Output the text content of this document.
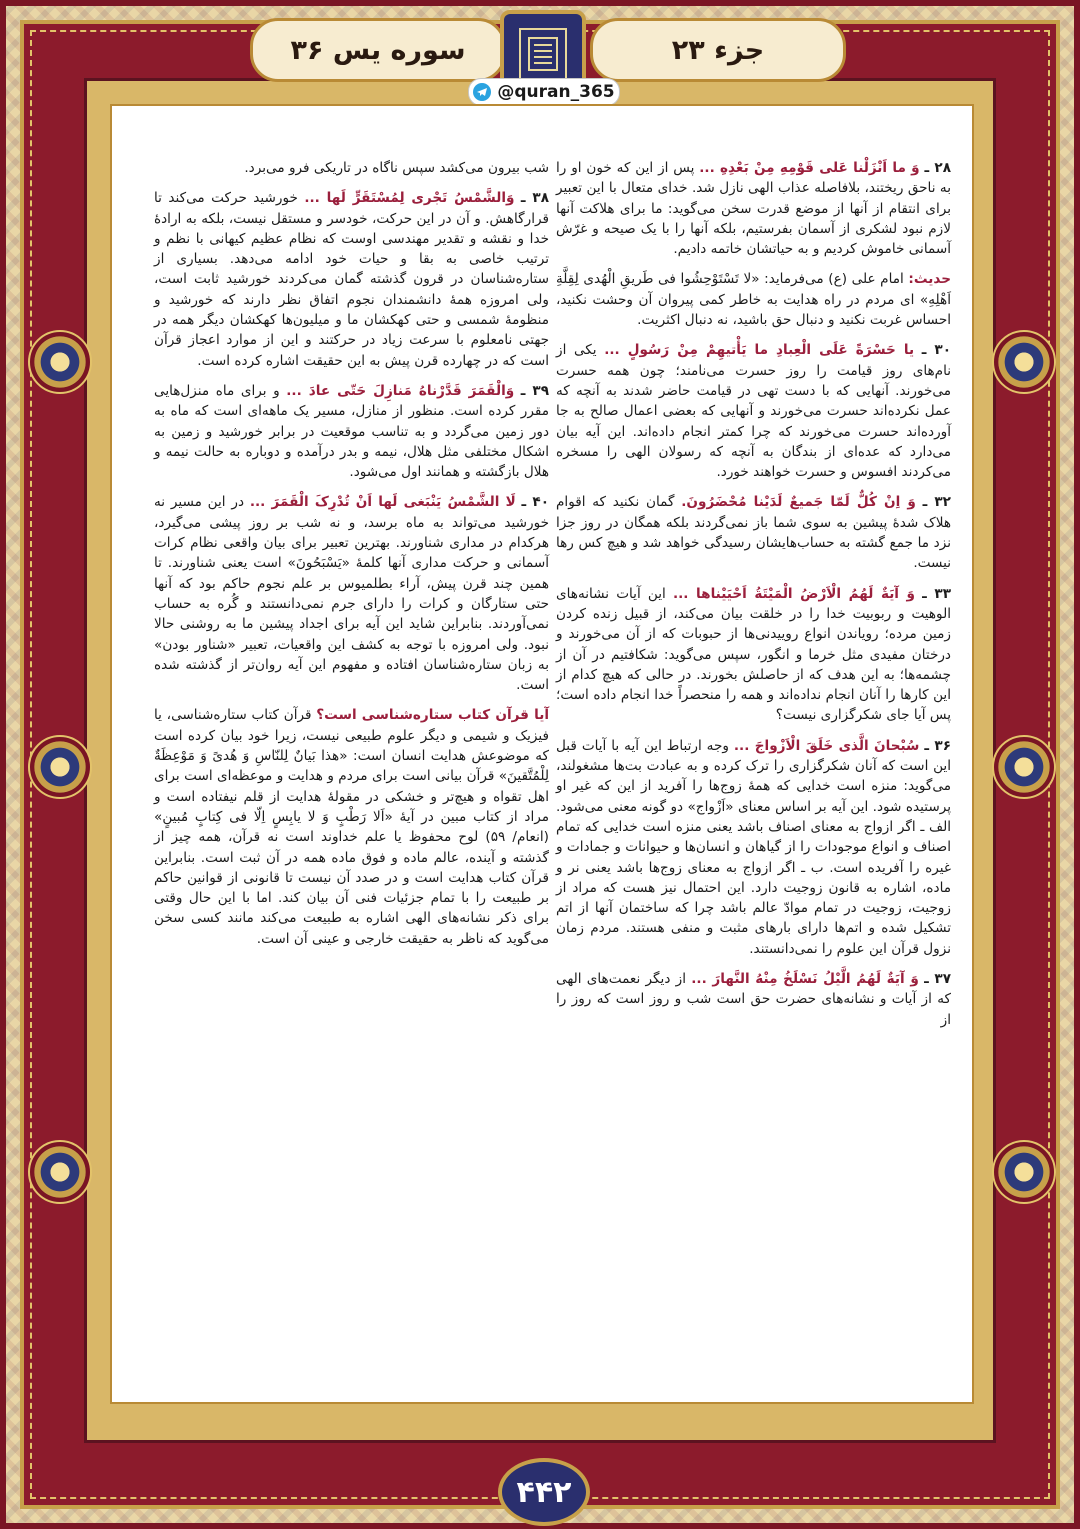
سوره یس ۳۶	جزء ۲۳
@quran_365

۲۸ ـ وَ ما اَنْزَلْنا عَلى قَوْمِهِ مِنْ بَعْدِهِ ... پس از این که خون او را به ناحق ریختند، بلافاصله عذاب الهی نازل شد. خدای متعال با این تعبیر برای انتقام از آنها از موضع قدرت سخن می‌گوید: ما برای هلاکت آنها لازم نبود لشکری از آسمان بفرستیم، بلکه آنها را با یک صیحه و غرّش آسمانی خاموش کردیم و به حیاتشان خاتمه دادیم.

حدیث: امام علی (ع) می‌فرماید: «لا تَسْتَوْحِشُوا فی طَریقِ الْهُدی لِقِلَّةِ اَهْلِهِ» ای مردم در راه هدایت به خاطر کمی پیروان آن وحشت نکنید، احساس غربت نکنید و دنبال حق باشید، نه دنبال اکثریت.

۳۰ ـ یا حَسْرَةً عَلَی الْعِبادِ ما یَأْتیهِمْ مِنْ رَسُولٍ ... یکی از نام‌های روز قیامت را روز حسرت می‌نامند؛ چون همه حسرت می‌خورند. آنهایی که با دست تهی در قیامت حاضر شدند به آنچه که عمل نکرده‌اند حسرت می‌خورند و آنهایی که بعضی اعمال صالح به جا آورده‌اند حسرت می‌خورند که چرا کمتر انجام داده‌اند. این آیه بیان می‌دارد که عده‌ای از بندگان به آنچه که رسولان الهی را مسخره می‌کردند افسوس و حسرت خواهند خورد.

۳۲ ـ وَ اِنْ کُلٌّ لَمّا جَمیعٌ لَدَیْنا مُحْضَرُونَ. گمان نکنید که اقوام هلاک شدهٔ پیشین به سوی شما باز نمی‌گردند بلکه همگان در روز جزا نزد ما جمع گشته به حساب‌هایشان رسیدگی خواهد شد و هیچ کس رها نیست.

۳۳ ـ وَ آیَةٌ لَهُمُ الْاَرْضُ الْمَیْتَةُ اَحْیَیْناها ... این آیات نشانه‌های الوهیت و ربوبیت خدا را در خلقت بیان می‌کند، از قبیل زنده کردن زمین مرده؛ رویاندن انواع روییدنی‌ها از حبوبات که از آن می‌خورند و درختان مفیدی مثل خرما و انگور، سپس می‌گوید: شکافتیم در آن از چشمه‌ها؛ به این هدف که از حاصلش بخورند. در حالی که هیچ کدام از این کارها را آنان انجام نداده‌اند و همه را منحصراً خدا انجام داده است؛ پس آیا جای شکرگزاری نیست؟

۳۶ ـ سُبْحانَ الَّذی خَلَقَ الْاَزْواجَ ... وجه ارتباط این آیه با آیات قبل این است که آنان شکرگزاری را ترک کرده و به عبادت بت‌ها مشغولند، می‌گوید: منزه است خدایی که همهٔ زوج‌ها را آفرید از این که غیر او پرستیده شود. این آیه بر اساس معنای «اَزْواج» دو گونه معنی می‌شود. الف ـ اگر ازواج به معنای اصناف باشد یعنی منزه است خدایی که تمام اصناف و انواع موجودات را از گیاهان و انسان‌ها و حیوانات و جمادات و غیره را آفریده است. ب ـ اگر ازواج به معنای زوج‌ها باشد یعنی نر و ماده، اشاره به قانون زوجیت دارد. این احتمال نیز هست که مراد از زوجیت، زوجیت در تمام موادّ عالم باشد چرا که ساختمان آنها از اتم تشکیل شده و اتم‌ها دارای بارهای مثبت و منفی هستند. مردم زمان نزول قرآن این علوم را نمی‌دانستند.

۳۷ ـ وَ آیَةٌ لَهُمُ الَّیْلُ نَسْلَخُ مِنْهُ النَّهارَ ... از دیگر نعمت‌های الهی که از آیات و نشانه‌های حضرت حق است شب و روز است که روز را از

شب بیرون می‌کشد سپس ناگاه در تاریکی فرو می‌برد.

۳۸ ـ وَالشَّمْسُ تَجْری لِمُسْتَقَرٍّ لَها ... خورشید حرکت می‌کند تا قرارگاهش. و آن در این حرکت، خودسر و مستقل نیست، بلکه به ارادهٔ خدا و نقشه و تقدیر مهندسی اوست که نظام عظیم کیهانی با نظم و ترتیب خاصی به بقا و حیات خود ادامه می‌دهد. بسیاری از ستاره‌شناسان در قرون گذشته گمان می‌کردند خورشید ثابت است، ولی امروزه همهٔ دانشمندان نجوم اتفاق نظر دارند که خورشید و منظومهٔ شمسی و حتی کهکشان ما و میلیون‌ها کهکشان دیگر همه در جهتی نامعلوم با سرعت زیاد در حرکتند و این از موارد اعجاز قرآن است که در چهارده قرن پیش به این حقیقت اشاره کرده است.

۳۹ ـ وَالْقَمَرَ قَدَّرْناهُ مَنازِلَ حَتّی عادَ ... و برای ماه منزل‌هایی مقرر کرده است. منظور از منازل، مسیر یک ماهه‌ای است که ماه به دور زمین می‌گردد و به تناسب موقعیت در برابر خورشید و زمین به اشکال مختلفی مثل هلال، نیمه و بدر درآمده و دوباره به حالت نیمه و هلال بازگشته و همانند اول می‌شود.

۴۰ ـ لَا الشَّمْسُ یَنْبَغی لَها اَنْ تُدْرِکَ الْقَمَرَ ... در این مسیر نه خورشید می‌تواند به ماه برسد، و نه شب بر روز پیشی می‌گیرد، هرکدام در مداری شناورند. بهترین تعبیر برای بیان واقعی نظام کرات آسمانی و حرکت مداری آنها کلمهٔ «یَسْبَحُونَ» است یعنی شناورند. تا همین چند قرن پیش، آراء بطلمیوس بر علم نجوم حاکم بود که آنها حتی ستارگان و کرات را دارای جرم نمی‌دانستند و گُره به حساب نمی‌آوردند. بنابراین شاید این آیه برای اجداد پیشین ما به روشنی حالا نبود. ولی امروزه با توجه به کشف این واقعیات، تعبیر «شناور بودن» به زبان ستاره‌شناسان افتاده و مفهوم این آیه روان‌تر از گذشته شده است.

آیا قرآن کتاب ستاره‌شناسی است؟ قرآن کتاب ستاره‌شناسی، یا فیزیک و شیمی و دیگر علوم طبیعی نیست، زیرا خود بیان کرده است که موضوعش هدایت انسان است: «هذا بَیانٌ لِلنّاسِ وَ هُدیً وَ مَوْعِظَةٌ لِلْمُتَّقینَ» قرآن بیانی است برای مردم و هدایت و موعظه‌ای است برای اهل تقواه و هیچ‌تر و خشکی در مقولهٔ هدایت از قلم نیفتاده است و مراد از کتاب مبین در آیهٔ «اَلا رَطْبٍ وَ لا یابِسٍ اِلّا فی کِتابٍ مُبینٍ» (انعام/ ۵۹) لوح محفوظ یا علم خداوند است نه قرآن، همه چیز از گذشته و آینده، عالم ماده و فوق ماده همه در آن ثبت است. بنابراین قرآن کتاب هدایت است و در صدد آن نیست تا قانونی از قوانین حاکم بر طبیعت را با تمام جزئیات فنی آن بیان کند. اما با این حال وقتی برای ذکر نشانه‌های الهی اشاره به طبیعت می‌کند مانند کسی سخن می‌گوید که ناظر به حقیقت خارجی و عینی آن است.

۴۴۲
